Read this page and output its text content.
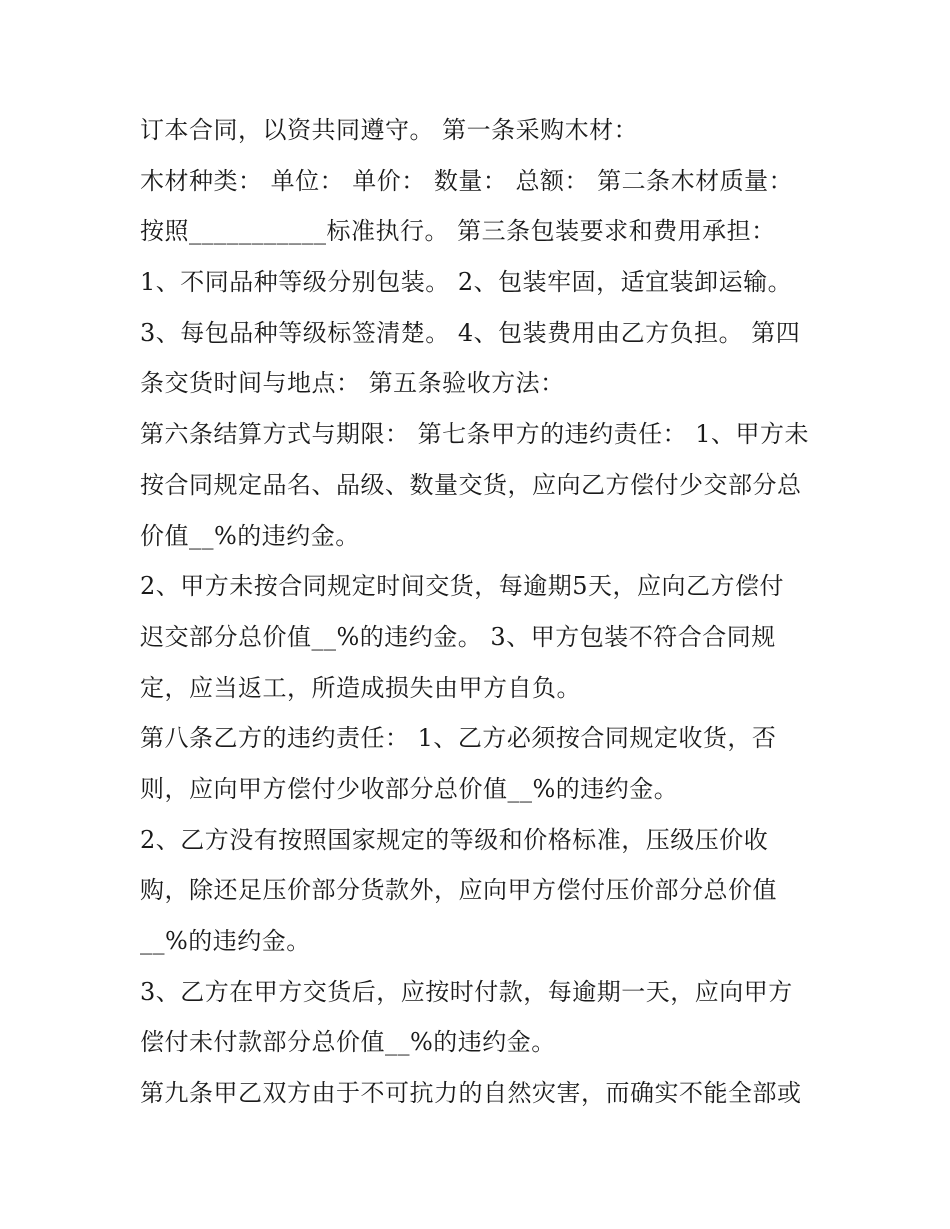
订本合同，以资共同遵守。 第一条采购木材：
木材种类： 单位： 单价： 数量： 总额： 第二条木材质量：
按照___________标准执行。 第三条包装要求和费用承担：
1、不同品种等级分别包装。 2、包装牢固，适宜装卸运输。
3、每包品种等级标签清楚。 4、包装费用由乙方负担。 第四
条交货时间与地点： 第五条验收方法：
第六条结算方式与期限： 第七条甲方的违约责任： 1、甲方未
按合同规定品名、品级、数量交货，应向乙方偿付少交部分总
价值__%的违约金。
2、甲方未按合同规定时间交货，每逾期5天，应向乙方偿付
迟交部分总价值__%的违约金。 3、甲方包装不符合合同规
定，应当返工，所造成损失由甲方自负。
第八条乙方的违约责任： 1、乙方必须按合同规定收货，否
则，应向甲方偿付少收部分总价值__%的违约金。
2、乙方没有按照国家规定的等级和价格标准，压级压价收
购，除还足压价部分货款外，应向甲方偿付压价部分总价值
__%的违约金。
3、乙方在甲方交货后，应按时付款，每逾期一天，应向甲方
偿付未付款部分总价值__%的违约金。
第九条甲乙双方由于不可抗力的自然灾害，而确实不能全部或
